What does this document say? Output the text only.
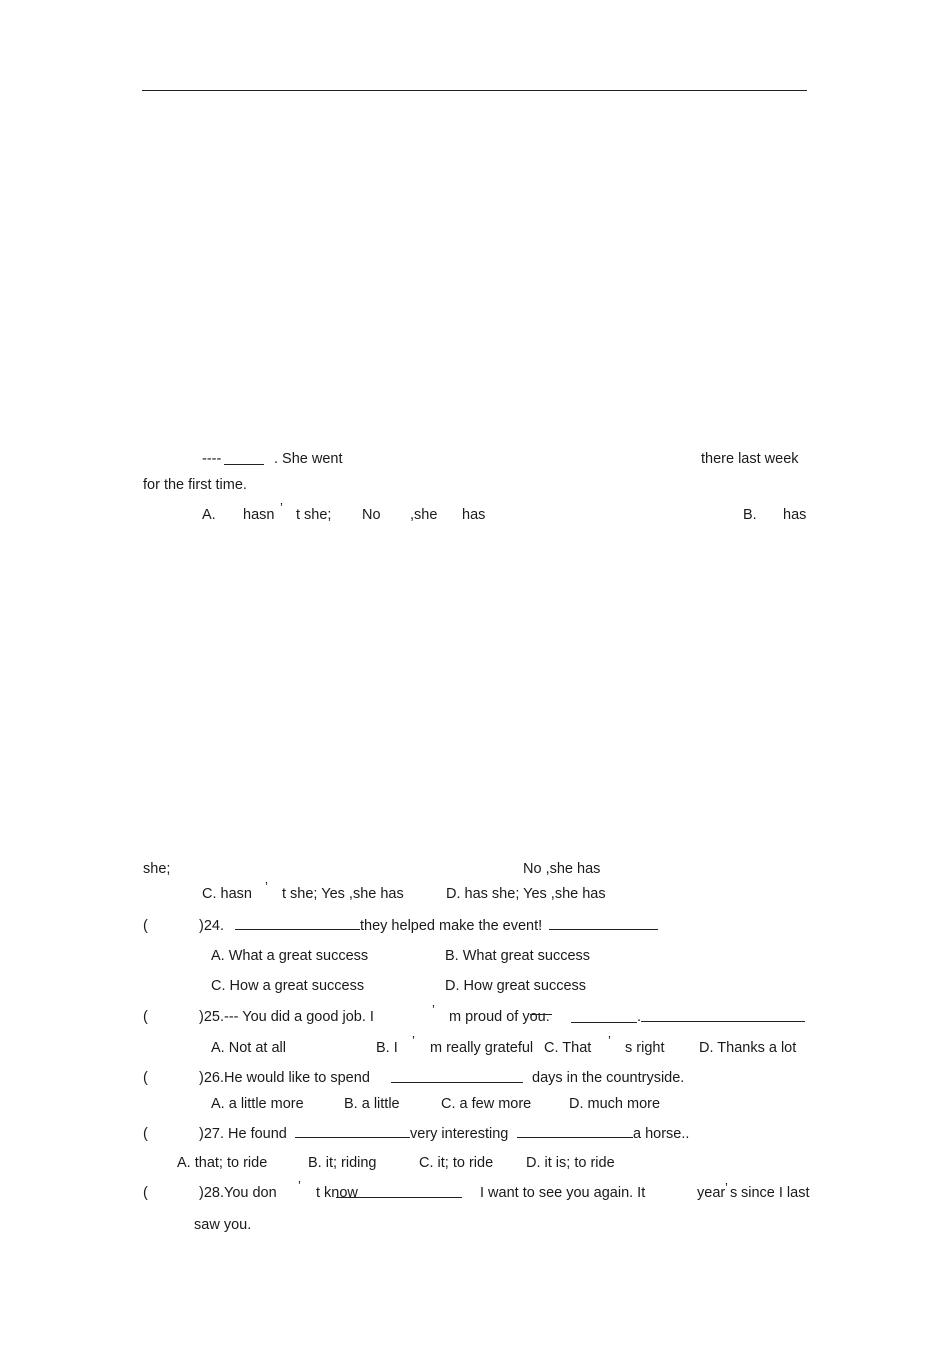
----	. She went	there last week
for the first time.
A. hasn ’ t she; No ,she has	B. has
she;	No ,she has
C. hasn ’ t she; Yes ,she has	D. has she; Yes ,she has
(	)24.	they helped make the event!
A. What a great success	B. What great success
C. How a great success	D. How great success
(	)25.--- You did a good job. I	’ m proud of you.	.
A. Not at all	B. I ’ m really grateful C. That ’ s right D. Thanks a lot
(	)26.He would like to spend	days in the countryside.
A. a little more	B. a little	C. a few more	D. much more
(	)27. He found	very interesting	a horse..
A. that; to ride	B. it; riding	C. it; to ride D. it is; to ride
(	)28.You don ’ t know	I want to see you again. It	year ’ s since I last
saw you.
